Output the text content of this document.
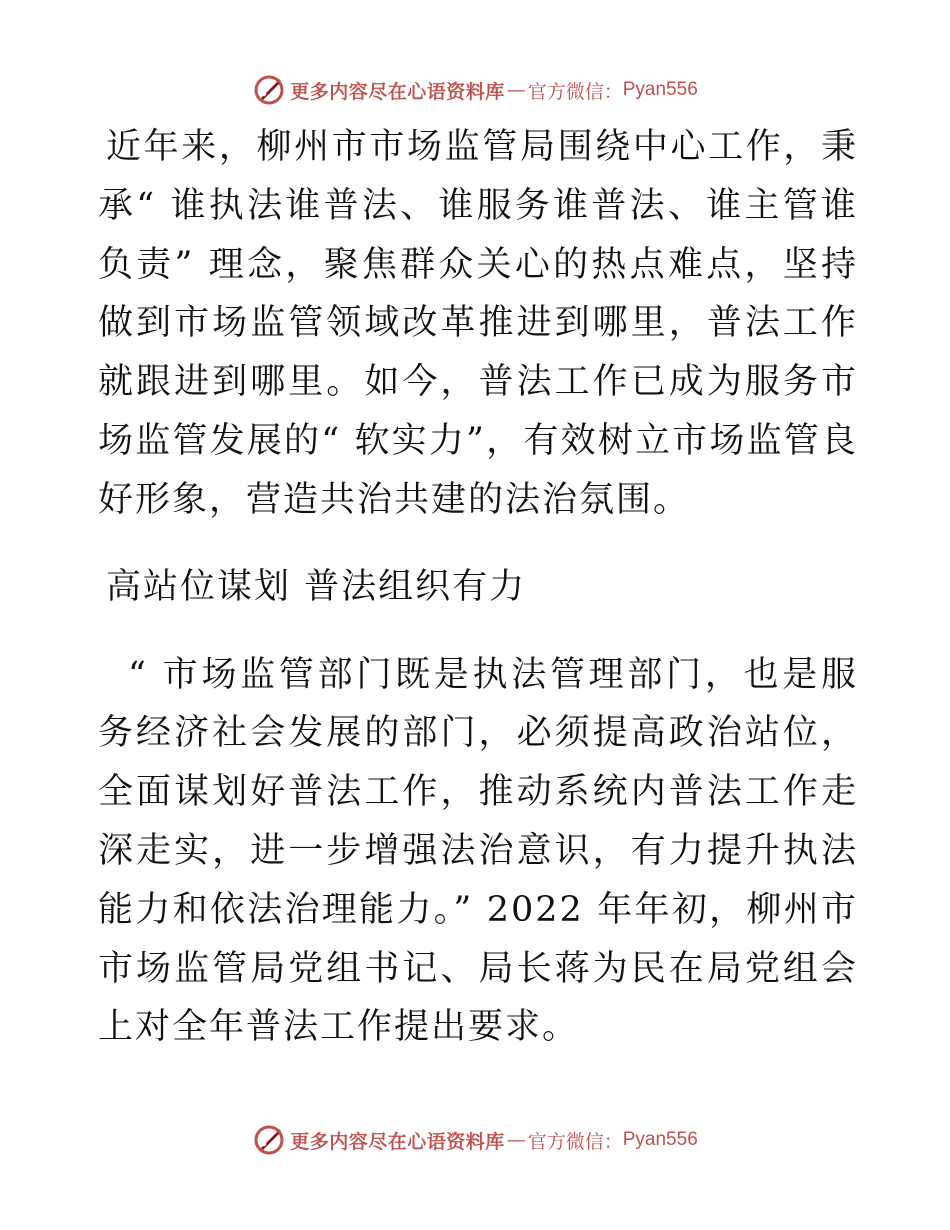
更多内容尽在心语资料库 — 官方微信： Pyan556

近年来，柳州市市场监管局围绕中心工作，秉承“ 谁执法谁普法、谁服务谁普法、谁主管谁负责” 理念，聚焦群众关心的热点难点，坚持做到市场监管领域改革推进到哪里，普法工作就跟进到哪里。如今，普法工作已成为服务市场监管发展的“ 软实力”，有效树立市场监管良好形象，营造共治共建的法治氛围。

高站位谋划 普法组织有力

“ 市场监管部门既是执法管理部门，也是服务经济社会发展的部门，必须提高政治站位，全面谋划好普法工作，推动系统内普法工作走深走实，进一步增强法治意识，有力提升执法能力和依法治理能力。” 2022 年年初，柳州市市场监管局党组书记、局长蒋为民在局党组会上对全年普法工作提出要求。

更多内容尽在心语资料库 — 官方微信： Pyan556
